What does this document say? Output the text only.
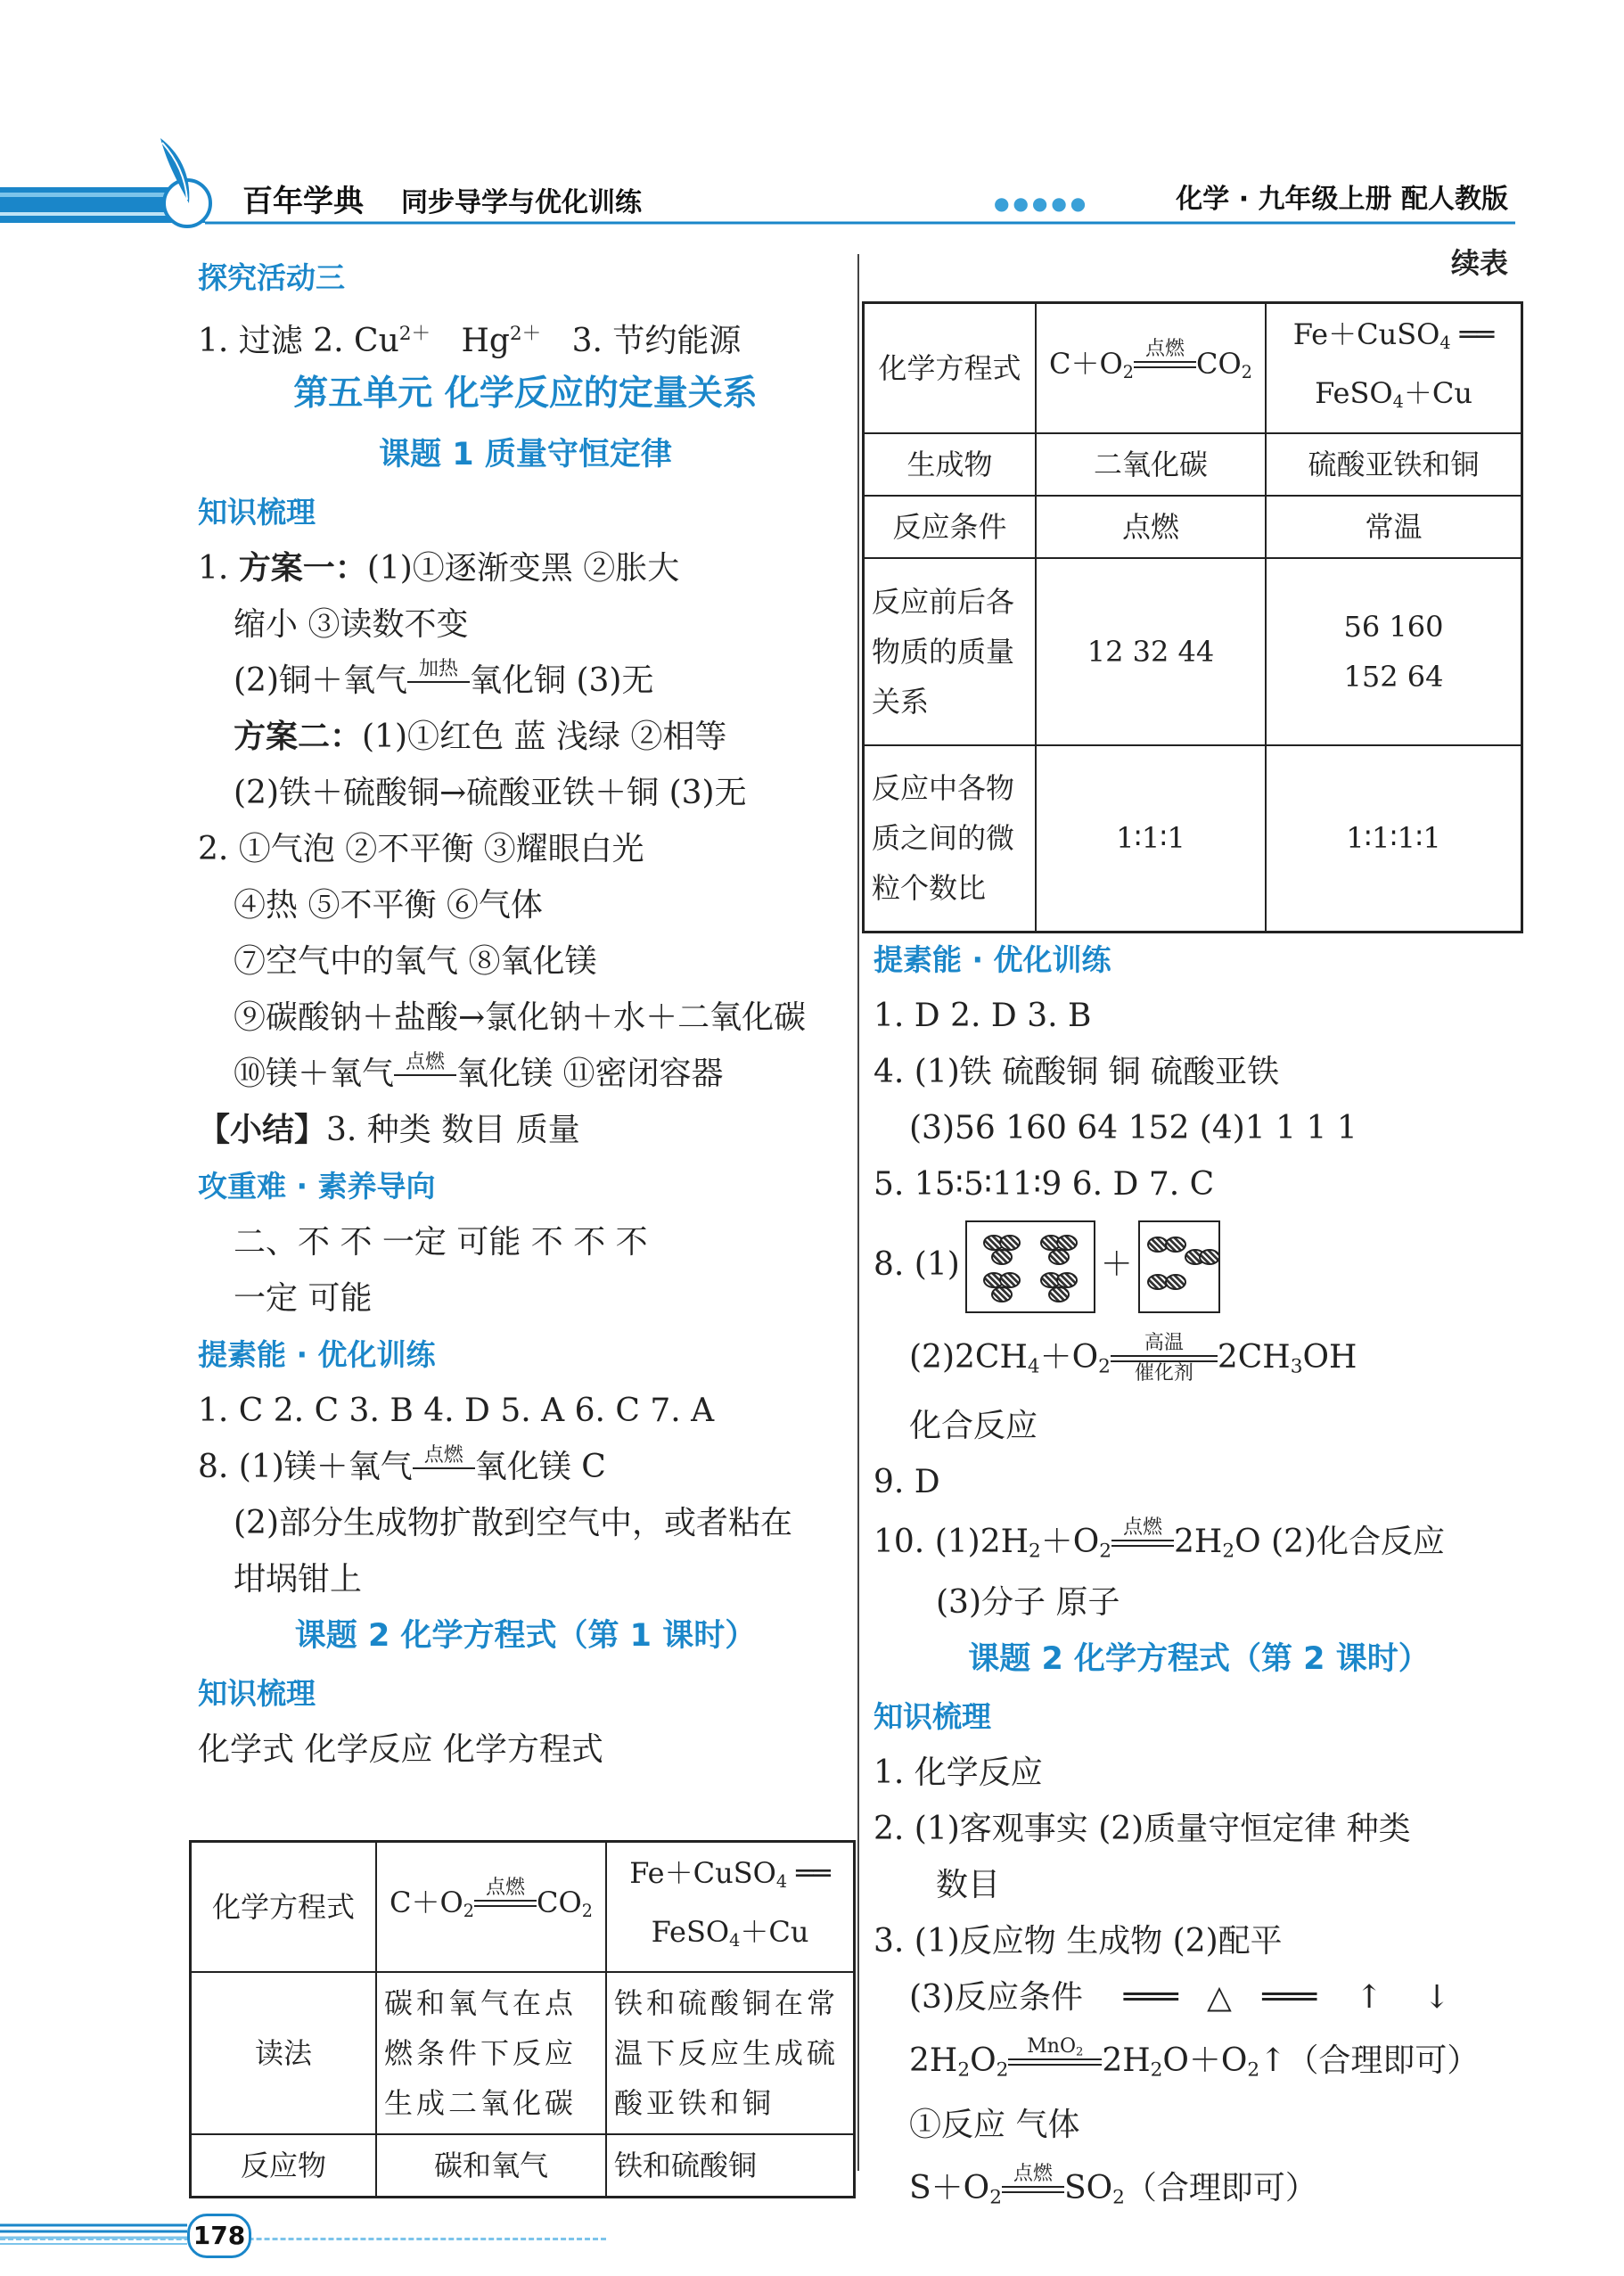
百年学典 同步导学与优化训练	●●●●●	化学 · 九年级上册 配人教版
探究活动三
1. 过滤 2. $Cu^{2+}$ $Hg^{2+}$ 3. 节约能源
第五单元 化学反应的定量关系
课题 1 质量守恒定律
知识梳理
1. 方案一：(1)①逐渐变黑 ②胀大
缩小 ③读数不变
(2)铜＋氧气 加热 氧化铜 (3)无
方案二：(1)①红色 蓝 浅绿 ②相等
(2)铁＋硫酸铜→硫酸亚铁＋铜 (3)无
2. ①气泡 ②不平衡 ③耀眼白光
④热 ⑤不平衡 ⑥气体
⑦空气中的氧气 ⑧氧化镁
⑨碳酸钠＋盐酸→氯化钠＋水＋二氧化碳
⑩镁＋氧气 点燃 氧化镁 ⑪密闭容器
【小结】3. 种类 数目 质量
攻重难 · 素养导向
二、不 不 一定 可能 不 不 不
一定 可能
提素能 · 优化训练
1. C 2. C 3. B 4. D 5. A 6. C 7. A
8. (1)镁＋氧气 点燃 氧化镁 C
(2)部分生成物扩散到空气中，或者粘在
坩埚钳上
课题 2 化学方程式（第 1 课时）
知识梳理
化学式 化学反应 化学方程式
化学方程式	$C+O_2$
点燃 $CO_2$	Fe＋CuSO$_4$ ══
FeSO$_4$＋Cu
读法	碳和氧气在点燃条件下反应生成二氧化碳	铁和硫酸铜在常温下反应生成硫酸亚铁和铜
反应物	碳和氧气	铁和硫酸铜
续表
化学方程式	$C+O_2$
点燃 $CO_2$	Fe＋CuSO$_4$ ══
FeSO$_4$＋Cu
生成物	二氧化碳	硫酸亚铁和铜
反应条件	点燃	常温
反应前后各物质的质量关系	12 32 44	56 160
152 64
反应中各物质之间的微粒个数比	1∶1∶1	1∶1∶1∶1
提素能 · 优化训练
1. D 2. D 3. B
4. (1)铁 硫酸铜 铜 硫酸亚铁
(3)56 160 64 152 (4)1 1 1 1
5. 15∶5∶11∶9 6. D 7. C
8. (1)	＋
$(2)2CH_4+O_2$
高温
催化剂 $2CH_3OH$
化合反应
9. D
10. $(1)2H_2+O_2$
点燃 $2H_2O$ (2)化合反应
(3)分子 原子
课题 2 化学方程式（第 2 课时）
知识梳理
1. 化学反应
2. (1)客观事实 (2)质量守恒定律 种类
数目
3. (1)反应物 生成物 (2)配平
(3)反应条件 ═══ △ ═══ ↑ ↓
$2H_2O_2$
MnO$_2$ $2H_2O+O_2↑$（合理即可）
①反应 气体
$S+O_2$
点燃 $SO_2$（合理即可）
178
